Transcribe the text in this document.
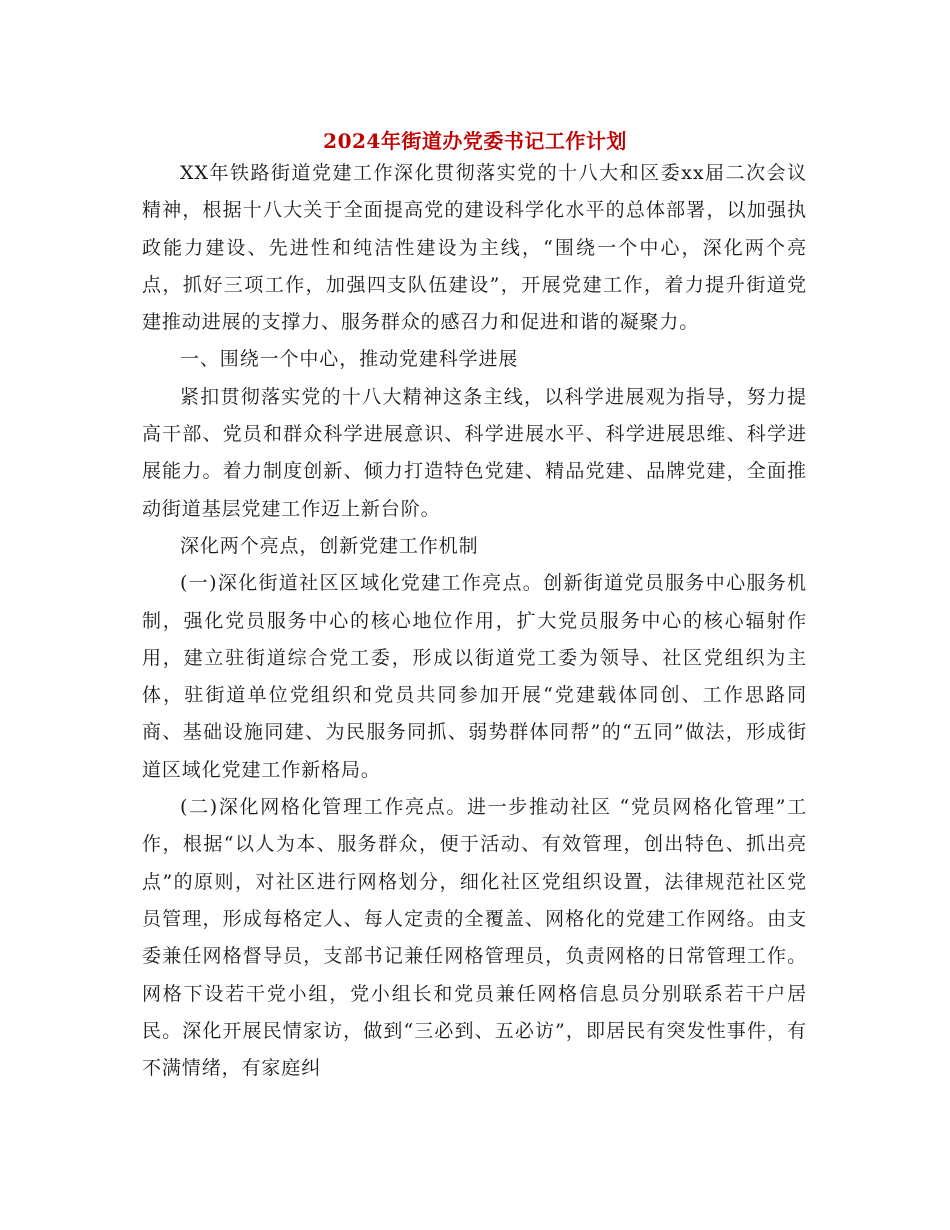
2024年街道办党委书记工作计划

XX年铁路街道党建工作深化贯彻落实党的十八大和区委xx届二次会议精神，根据十八大关于全面提高党的建设科学化水平的总体部署，以加强执政能力建设、先进性和纯洁性建设为主线，“围绕一个中心，深化两个亮点，抓好三项工作，加强四支队伍建设”，开展党建工作，着力提升街道党建推动进展的支撑力、服务群众的感召力和促进和谐的凝聚力。

一、围绕一个中心，推动党建科学进展

紧扣贯彻落实党的十八大精神这条主线，以科学进展观为指导，努力提高干部、党员和群众科学进展意识、科学进展水平、科学进展思维、科学进展能力。着力制度创新、倾力打造特色党建、精品党建、品牌党建，全面推动街道基层党建工作迈上新台阶。

深化两个亮点，创新党建工作机制

(一)深化街道社区区域化党建工作亮点。创新街道党员服务中心服务机制，强化党员服务中心的核心地位作用，扩大党员服务中心的核心辐射作用，建立驻街道综合党工委，形成以街道党工委为领导、社区党组织为主体，驻街道单位党组织和党员共同参加开展“党建载体同创、工作思路同商、基础设施同建、为民服务同抓、弱势群体同帮”的“五同”做法，形成街道区域化党建工作新格局。

(二)深化网格化管理工作亮点。进一步推动社区 “党员网格化管理”工作，根据“以人为本、服务群众，便于活动、有效管理，创出特色、抓出亮点”的原则，对社区进行网格划分，细化社区党组织设置，法律规范社区党员管理，形成每格定人、每人定责的全覆盖、网格化的党建工作网络。由支委兼任网格督导员，支部书记兼任网格管理员，负责网格的日常管理工作。网格下设若干党小组，党小组长和党员兼任网格信息员分别联系若干户居民。深化开展民情家访，做到“三必到、五必访”，即居民有突发性事件，有不满情绪，有家庭纠
